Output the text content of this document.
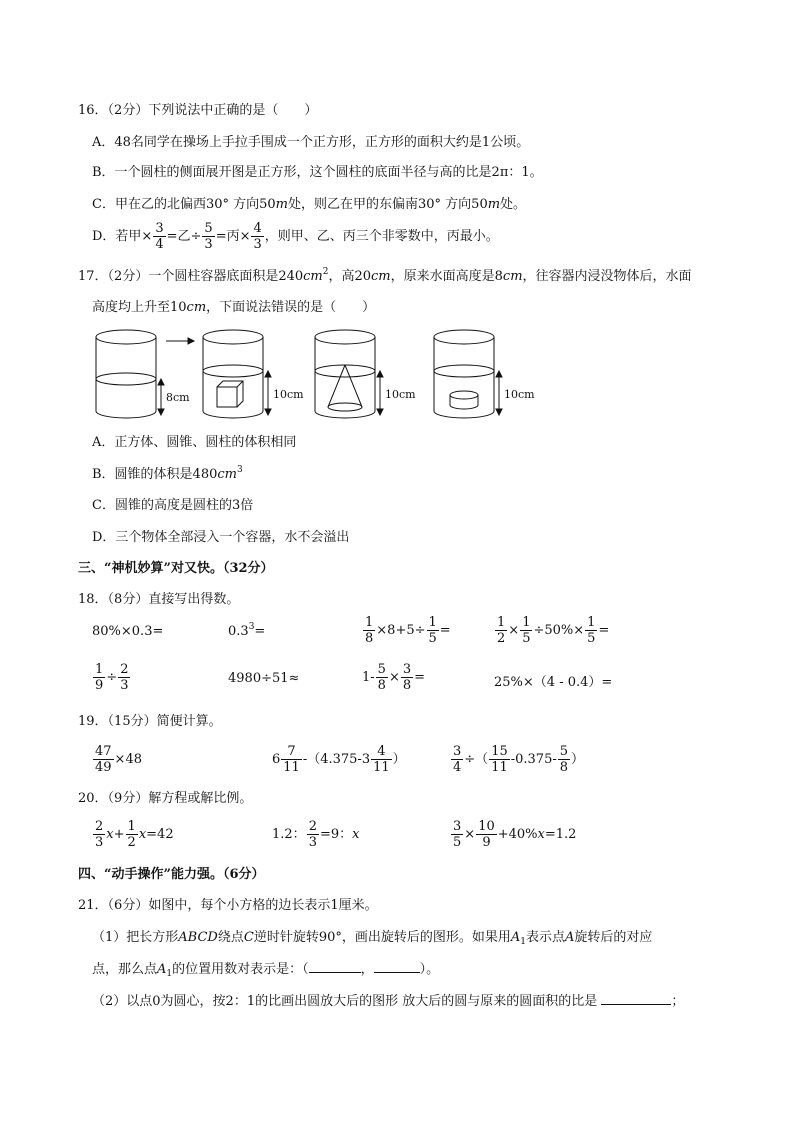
16．（2分）下列说法中正确的是（　　）
A．48名同学在操场上手拉手围成一个正方形，正方形的面积大约是1公顷。
B．一个圆柱的侧面展开图是正方形，这个圆柱的底面半径与高的比是2π：1。
C．甲在乙的北偏西30° 方向50m处，则乙在甲的东偏南30° 方向50m处。
D．若甲× $\frac{3}{4}$ =乙÷ $\frac{5}{3}$ =丙× $\frac{4}{3}$ ，则甲、乙、丙三个非零数中，丙最小。
17．（2分）一个圆柱容器底面积是$240cm^2$，高20cm，原来水面高度是8cm，往容器内浸没物体后，水面
高度均上升至10cm，下面说法错误的是（　　）
8cm	10cm	10cm	10cm
A．正方体、圆锥、圆柱的体积相同
B．圆锥的体积是$480cm^3$
C．圆锥的高度是圆柱的3倍
D．三个物体全部浸入一个容器，水不会溢出
三、“神机妙算”对又快。（32分）
18．（8分）直接写出得数。
80%×0.3=	$0.3^3=$	$\frac{1}{8} \times 8+5\div \frac{1}{5}$ =	$\frac{1}{2} \times \frac{1}{5} \div 50\%\times \frac{1}{5}$ =
$\frac{1}{9} \div \frac{2}{3}$	4980÷51≈	$1- \frac{5}{8} \times \frac{3}{8}$ =	25%×（4 - 0.4）=
19．（15分）简便计算。
$\frac{47}{49} \times 48$	$6 \frac{7}{11} -(4.375-3 \frac{4}{11}$ ）	$\frac{3}{4}$ ÷（ $\frac{15}{11} -0.375- \frac{5}{8}$ ）
20．（9分）解方程或解比例。
$\frac{2}{3} x+ \frac{1}{2} x=42$	1.2： $\frac{2}{3} =9$：x	$\frac{3}{5} \times \frac{10}{9} +40\%x=1.2$
四、“动手操作”能力强。（6分）
21．（6分）如图中，每个小方格的边长表示1厘米。
（1）把长方形ABCD绕点C逆时针旋转90°，画出旋转后的图形。如果用$A_1$表示点A旋转后的对应
点，那么点$A_1$的位置用数对表示是：（	，	）。
（2）以点0为圆心，按2：1的比画出圆放大后的图形 放大后的圆与原来的圆面积的比是	；
